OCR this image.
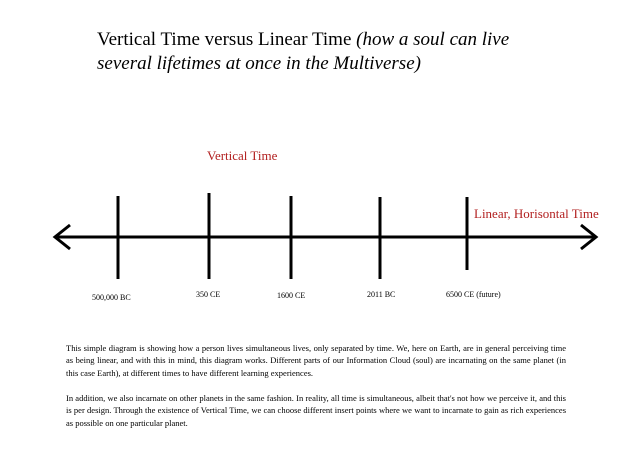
Vertical Time versus Linear Time (how a soul can live several lifetimes at once in the Multiverse)
Vertical Time
Linear, Horisontal Time
500,000 BC	350 CE	1600 CE	2011 BC	6500 CE (future)

This simple diagram is showing how a person lives simultaneous lives, only separated by time. We, here on Earth, are in general perceiving time as being linear, and with this in mind, this diagram works. Different parts of our Information Cloud (soul) are incarnating on the same planet (in this case Earth), at different times to have different learning experiences.

In addition, we also incarnate on other planets in the same fashion. In reality, all time is simultaneous, albeit that's not how we perceive it, and this is per design. Through the existence of Vertical Time, we can choose different insert points where we want to incarnate to gain as rich experiences as possible on one particular planet.
